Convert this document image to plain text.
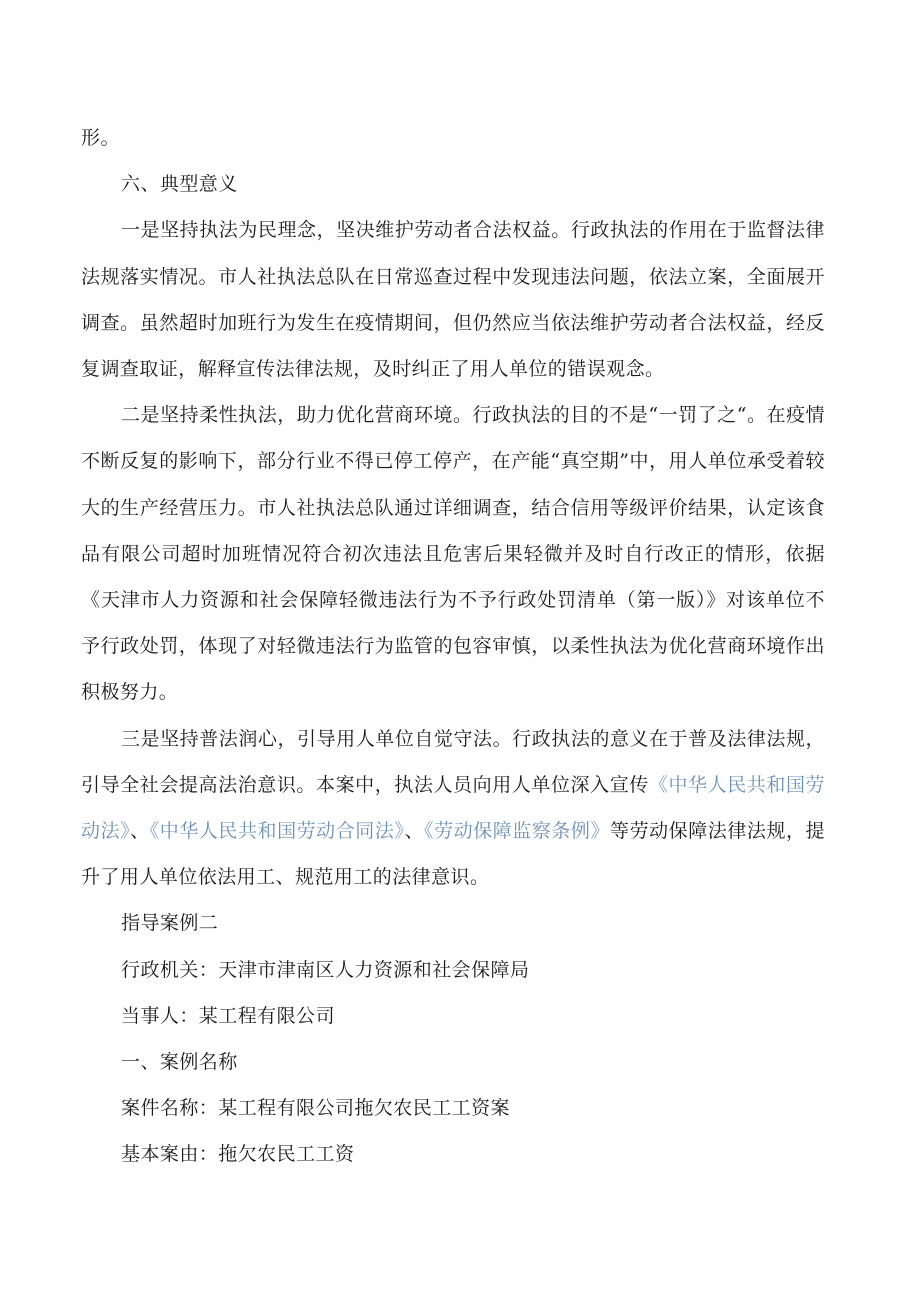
形。

六、典型意义

一是坚持执法为民理念，坚决维护劳动者合法权益。行政执法的作用在于监督法律法规落实情况。市人社执法总队在日常巡查过程中发现违法问题，依法立案，全面展开调查。虽然超时加班行为发生在疫情期间，但仍然应当依法维护劳动者合法权益，经反复调查取证，解释宣传法律法规，及时纠正了用人单位的错误观念。

二是坚持柔性执法，助力优化营商环境。行政执法的目的不是“一罚了之“。在疫情不断反复的影响下，部分行业不得已停工停产，在产能“真空期”中，用人单位承受着较大的生产经营压力。市人社执法总队通过详细调查，结合信用等级评价结果，认定该食品有限公司超时加班情况符合初次违法且危害后果轻微并及时自行改正的情形，依据《天津市人力资源和社会保障轻微违法行为不予行政处罚清单（第一版）》对该单位不予行政处罚，体现了对轻微违法行为监管的包容审慎，以柔性执法为优化营商环境作出积极努力。

三是坚持普法润心，引导用人单位自觉守法。行政执法的意义在于普及法律法规，引导全社会提高法治意识。本案中，执法人员向用人单位深入宣传《中华人民共和国劳动法》、《中华人民共和国劳动合同法》、《劳动保障监察条例》等劳动保障法律法规，提升了用人单位依法用工、规范用工的法律意识。

指导案例二

行政机关：天津市津南区人力资源和社会保障局

当事人：某工程有限公司

一、案例名称

案件名称：某工程有限公司拖欠农民工工资案

基本案由：拖欠农民工工资
